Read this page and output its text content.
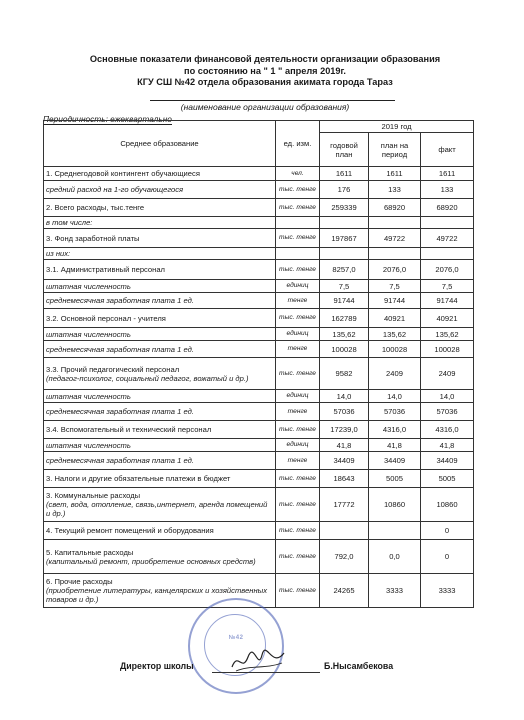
Основные показатели финансовой деятельности организации образования
по состоянию на " 1 " апреля 2019г.
КГУ СШ №42 отдела образования акимата города Тараз
(наименование организации образования)
Периодичность: ежеквартально
Среднее образование	ед. изм.	2019 год		
		годовой план	план на период	факт

1. Среднегодовой контингент обучающиеся	чел.	1611	1611	1611

средний расход на 1-го обучающегося	тыс. тенге	176	133	133

2. Всего расходы, тыс.тенге	тыс. тенге	259339	68920	68920

в том числе:				

3. Фонд заработной платы	тыс. тенге	197867	49722	49722

из них:				

3.1. Административный персонал	тыс. тенге	8257,0	2076,0	2076,0

штатная численность	единиц	7,5	7,5	7,5

среднемесячная заработная плата 1 ед.	тенге	91744	91744	91744

3.2. Основной персонал - учителя	тыс. тенге	162789	40921	40921

штатная численность	единиц	135,62	135,62	135,62

среднемесячная заработная плата 1 ед.	тенге	100028	100028	100028

3.3. Прочий педагогический персонал
(педагог-психолог, социальный педагог, вожатый и др.)	тыс. тенге	9582	2409	2409

штатная численность	единиц	14,0	14,0	14,0

среднемесячная заработная плата 1 ед.	тенге	57036	57036	57036

3.4. Вспомогательный и технический персонал	тыс. тенге	17239,0	4316,0	4316,0

штатная численность	единиц	41,8	41,8	41,8

среднемесячная заработная плата 1 ед.	тенге	34409	34409	34409

3. Налоги и другие обязательные платежи в бюджет	тыс. тенге	18643	5005	5005

3. Коммунальные расходы
(свет, вода, отопление, связь,интернет, аренда помещений и др.)	тыс. тенге	17772	10860	10860

4. Текущий ремонт помещений и оборудования	тыс. тенге			0

5. Капитальные расходы
(капитальный ремонт, приобретение основных средств)	тыс. тенге	792,0	0,0	0

6. Прочие расходы
(приобретение литературы, канцелярских и хозяйственных товаров и др.)	тыс. тенге	24265	3333	3333
№42
Директор школы	Б.Нысамбекова
